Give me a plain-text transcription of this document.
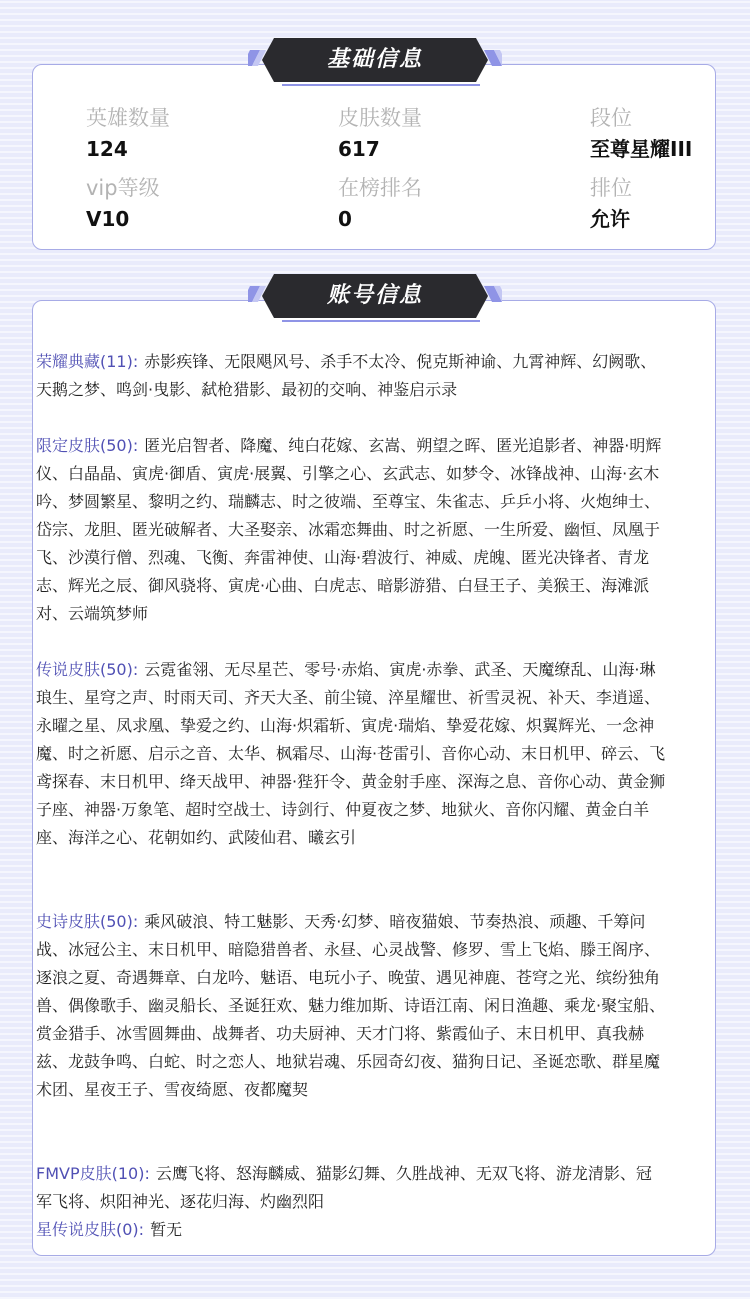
基础信息
英雄数量
124
皮肤数量
617
段位
至尊星耀III
vip等级
V10
在榜排名
0
排位
允许
账号信息
荣耀典藏(11): 赤影疾锋、无限飓风号、杀手不太冷、倪克斯神谕、九霄神辉、幻阙歌、天鹅之梦、鸣剑·曳影、弑枪猎影、最初的交响、神鉴启示录
限定皮肤(50): 匿光启智者、降魔、纯白花嫁、玄嵩、朔望之晖、匿光追影者、神器·明辉仪、白晶晶、寅虎·御盾、寅虎·展翼、引擎之心、玄武志、如梦令、冰锋战神、山海·玄木吟、梦圆繁星、黎明之约、瑞麟志、时之彼端、至尊宝、朱雀志、乒乒小将、火炮绅士、岱宗、龙胆、匿光破解者、大圣娶亲、冰霜恋舞曲、时之祈愿、一生所爱、幽恒、凤凰于飞、沙漠行僧、烈魂、飞衡、奔雷神使、山海·碧波行、神威、虎魄、匿光决锋者、青龙志、辉光之辰、御风骁将、寅虎·心曲、白虎志、暗影游猎、白昼王子、美猴王、海滩派对、云端筑梦师
传说皮肤(50): 云霓雀翎、无尽星芒、零号·赤焰、寅虎·赤拳、武圣、天魔缭乱、山海·琳琅生、星穹之声、时雨天司、齐天大圣、前尘镜、淬星耀世、祈雪灵祝、补天、李逍遥、永曜之星、凤求凰、挚爱之约、山海·炽霜斩、寅虎·瑞焰、挚爱花嫁、炽翼辉光、一念神魔、时之祈愿、启示之音、太华、枫霜尽、山海·苍雷引、音你心动、末日机甲、碎云、飞鸢探春、末日机甲、绛天战甲、神器·狴犴令、黄金射手座、深海之息、音你心动、黄金狮子座、神器·万象笔、超时空战士、诗剑行、仲夏夜之梦、地狱火、音你闪耀、黄金白羊座、海洋之心、花朝如约、武陵仙君、曦玄引
史诗皮肤(50): 乘风破浪、特工魅影、天秀·幻梦、暗夜猫娘、节奏热浪、顽趣、千筹问战、冰冠公主、末日机甲、暗隐猎兽者、永昼、心灵战警、修罗、雪上飞焰、滕王阁序、逐浪之夏、奇遇舞章、白龙吟、魅语、电玩小子、晚萤、遇见神鹿、苍穹之光、缤纷独角兽、偶像歌手、幽灵船长、圣诞狂欢、魅力维加斯、诗语江南、闲日渔趣、乘龙·聚宝船、赏金猎手、冰雪圆舞曲、战舞者、功夫厨神、天才门将、紫霞仙子、末日机甲、真我赫兹、龙鼓争鸣、白蛇、时之恋人、地狱岩魂、乐园奇幻夜、猫狗日记、圣诞恋歌、群星魔术团、星夜王子、雪夜绮愿、夜都魔契
FMVP皮肤(10): 云鹰飞将、怒海麟威、猫影幻舞、久胜战神、无双飞将、游龙清影、冠军飞将、炽阳神光、逐花归海、灼幽烈阳
星传说皮肤(0): 暂无
